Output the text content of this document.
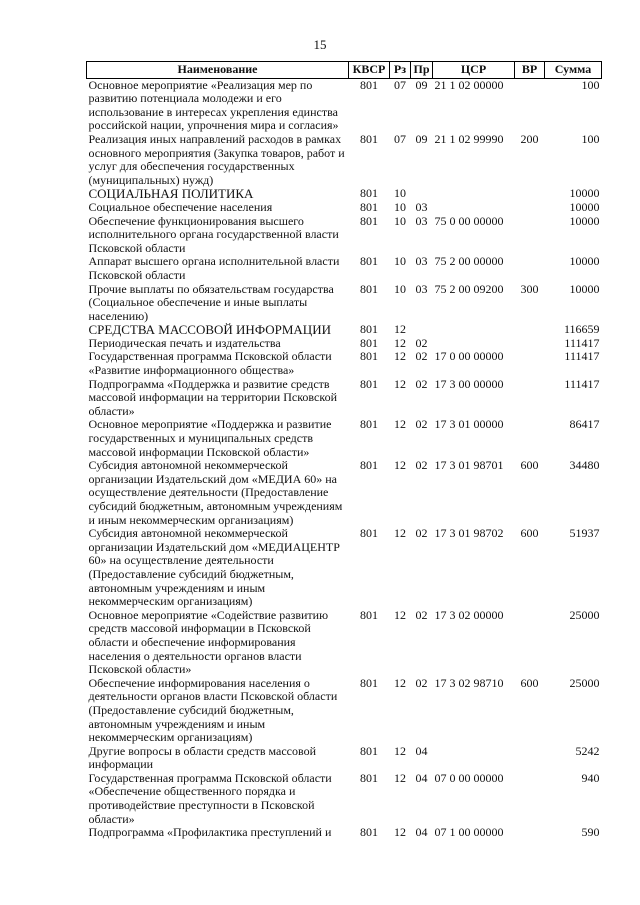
15
Наименование	КВСР	Рз	Пр	ЦСР	ВР	Сумма
Основное мероприятие «Реализация мер по развитию потенциала молодежи и его использование в интересах укрепления единства российской нации, упрочнения мира и согласия»	801	07	09	21 1 02 00000		100
Реализация иных направлений расходов в рамках основного мероприятия (Закупка товаров, работ и услуг для обеспечения государственных (муниципальных) нужд)	801	07	09	21 1 02 99990	200	100
СОЦИАЛЬНАЯ ПОЛИТИКА	801	10				10000
Социальное обеспечение населения	801	10	03			10000
Обеспечение функционирования высшего исполнительного органа государственной власти Псковской области	801	10	03	75 0 00 00000		10000
Аппарат высшего органа исполнительной власти Псковской области	801	10	03	75 2 00 00000		10000
Прочие выплаты по обязательствам государства (Социальное обеспечение и иные выплаты населению)	801	10	03	75 2 00 09200	300	10000
СРЕДСТВА МАССОВОЙ ИНФОРМАЦИИ	801	12				116659
Периодическая печать и издательства	801	12	02			111417
Государственная программа Псковской области «Развитие информационного общества»	801	12	02	17 0 00 00000		111417
Подпрограмма «Поддержка и развитие средств массовой информации на территории Псковской области»	801	12	02	17 3 00 00000		111417
Основное мероприятие «Поддержка и развитие государственных и муниципальных средств массовой информации Псковской области»	801	12	02	17 3 01 00000		86417
Субсидия автономной некоммерческой организации Издательский дом «МЕДИА 60» на осуществление деятельности (Предоставление субсидий бюджетным, автономным учреждениям и иным некоммерческим организациям)	801	12	02	17 3 01 98701	600	34480
Субсидия автономной некоммерческой организации Издательский дом «МЕДИАЦЕНТР 60» на осуществление деятельности (Предоставление субсидий бюджетным, автономным учреждениям и иным некоммерческим организациям)	801	12	02	17 3 01 98702	600	51937
Основное мероприятие «Содействие развитию средств массовой информации в Псковской области и обеспечение информирования населения о деятельности органов власти Псковской области»	801	12	02	17 3 02 00000		25000
Обеспечение информирования населения о деятельности органов власти Псковской области (Предоставление субсидий бюджетным, автономным учреждениям и иным некоммерческим организациям)	801	12	02	17 3 02 98710	600	25000
Другие вопросы в области средств массовой информации	801	12	04			5242
Государственная программа Псковской области «Обеспечение общественного порядка и противодействие преступности в Псковской области»	801	12	04	07 0 00 00000		940
Подпрограмма «Профилактика преступлений и	801	12	04	07 1 00 00000		590
